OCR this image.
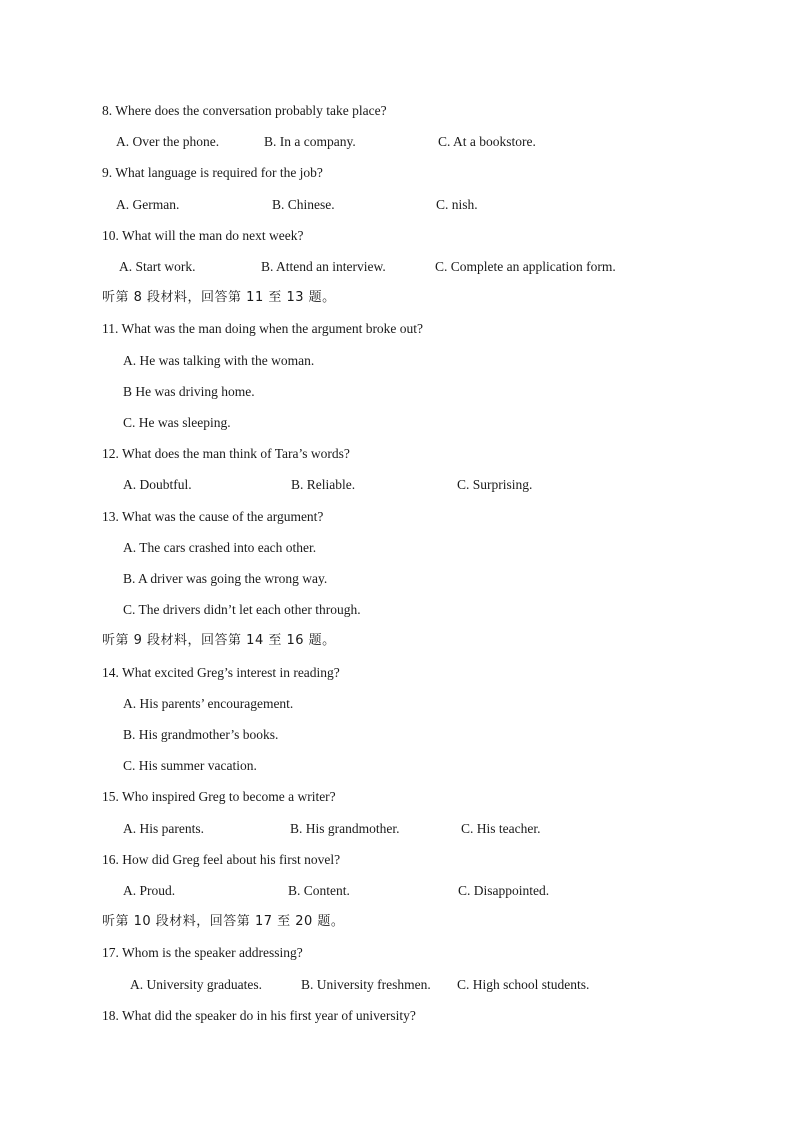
8. Where does the conversation probably take place?
A. Over the phone.	B. In a company.	C. At a bookstore.
9. What language is required for the job?
A. German.	B. Chinese.	C. nish.
10. What will the man do next week?
A. Start work.	B. Attend an interview.	C. Complete an application form.
听第 8 段材料，回答第 11 至 13 题。
11. What was the man doing when the argument broke out?
A. He was talking with the woman.
B He was driving home.
C. He was sleeping.
12. What does the man think of Tara’s words?
A. Doubtful.	B. Reliable.	C. Surprising.
13. What was the cause of the argument?
A. The cars crashed into each other.
B. A driver was going the wrong way.
C. The drivers didn’t let each other through.
听第 9 段材料，回答第 14 至 16 题。
14. What excited Greg’s interest in reading?
A. His parents’ encouragement.
B. His grandmother’s books.
C. His summer vacation.
15. Who inspired Greg to become a writer?
A. His parents.	B. His grandmother.	C. His teacher.
16. How did Greg feel about his first novel?
A. Proud.	B. Content.	C. Disappointed.
听第 10 段材料，回答第 17 至 20 题。
17. Whom is the speaker addressing?
A. University graduates.	B. University freshmen. C. High school students.
18. What did the speaker do in his first year of university?
